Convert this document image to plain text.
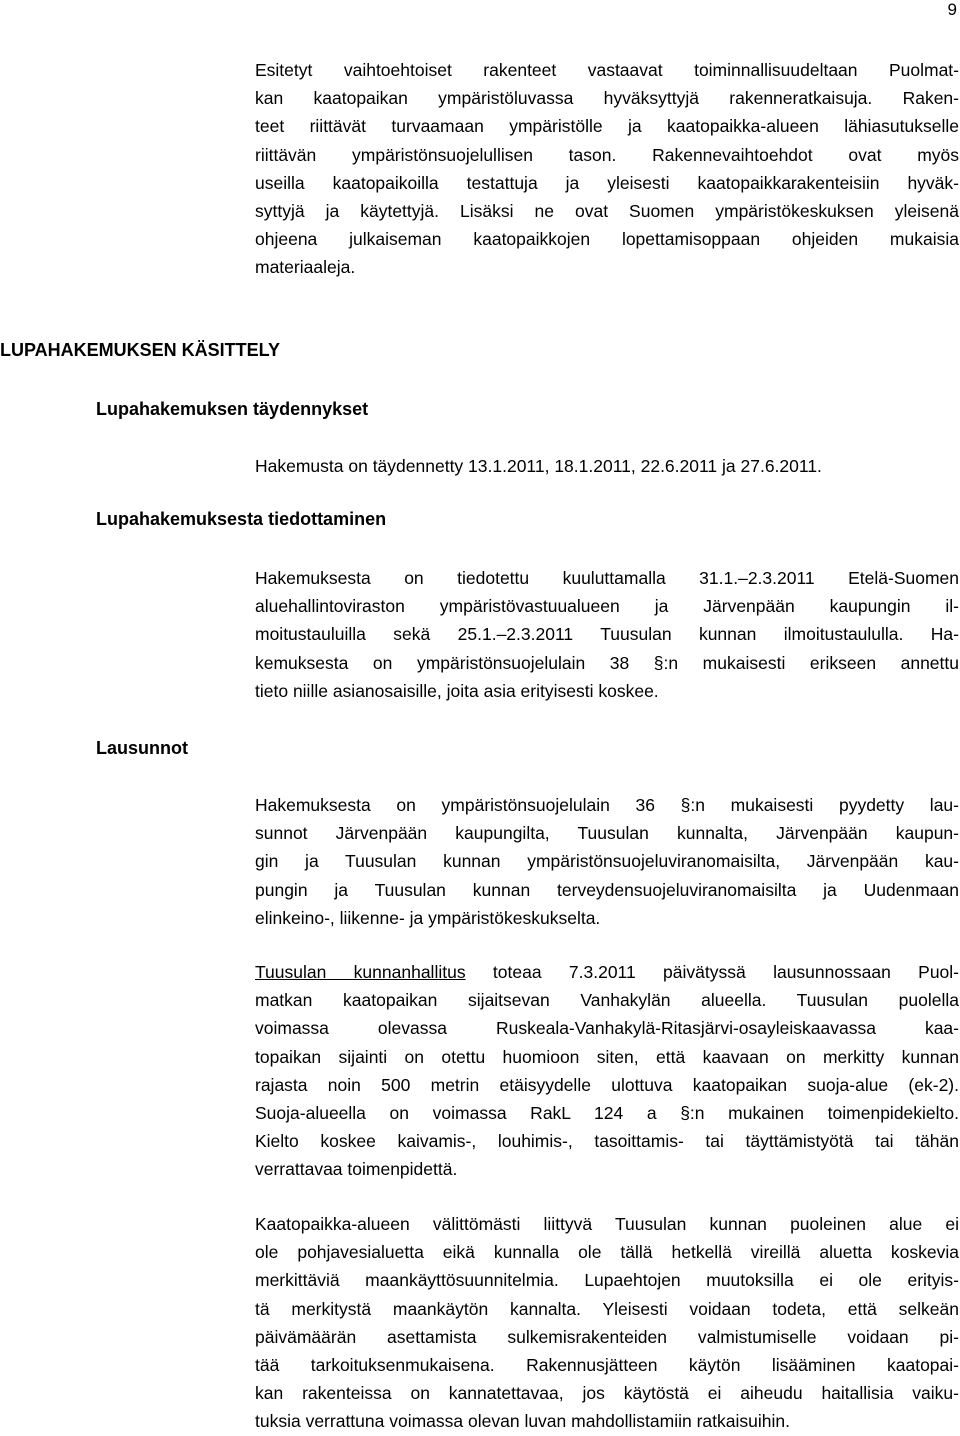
9

Esitetyt vaihtoehtoiset rakenteet vastaavat toiminnallisuudeltaan Puolmat-
kan kaatopaikan ympäristöluvassa hyväksyttyjä rakenneratkaisuja. Raken-
teet riittävät turvaamaan ympäristölle ja kaatopaikka-alueen lähiasutukselle
riittävän ympäristönsuojelullisen tason. Rakennevaihtoehdot ovat myös
useilla kaatopaikoilla testattuja ja yleisesti kaatopaikkarakenteisiin hyväk-
syttyjä ja käytettyjä. Lisäksi ne ovat Suomen ympäristökeskuksen yleisenä
ohjeena julkaiseman kaatopaikkojen lopettamisoppaan ohjeiden mukaisia
materiaaleja.

LUPAHAKEMUKSEN KÄSITTELY
Lupahakemuksen täydennykset

Hakemusta on täydennetty 13.1.2011, 18.1.2011, 22.6.2011 ja 27.6.2011.

Lupahakemuksesta tiedottaminen

Hakemuksesta on tiedotettu kuuluttamalla 31.1.–2.3.2011 Etelä-Suomen
aluehallintoviraston ympäristövastuualueen ja Järvenpään kaupungin il-
moitustauluilla sekä 25.1.–2.3.2011 Tuusulan kunnan ilmoitustaululla. Ha-
kemuksesta on ympäristönsuojelulain 38 §:n mukaisesti erikseen annettu
tieto niille asianosaisille, joita asia erityisesti koskee.

Lausunnot

Hakemuksesta on ympäristönsuojelulain 36 §:n mukaisesti pyydetty lau-
sunnot Järvenpään kaupungilta, Tuusulan kunnalta, Järvenpään kaupun-
gin ja Tuusulan kunnan ympäristönsuojeluviranomaisilta, Järvenpään kau-
pungin ja Tuusulan kunnan terveydensuojeluviranomaisilta ja Uudenmaan
elinkeino-, liikenne- ja ympäristökeskukselta.

Tuusulan kunnanhallitus toteaa 7.3.2011 päivätyssä lausunnossaan Puol-
matkan kaatopaikan sijaitsevan Vanhakylän alueella. Tuusulan puolella
voimassa olevassa Ruskeala-Vanhakylä-Ritasjärvi-osayleiskaavassa kaa-
topaikan sijainti on otettu huomioon siten, että kaavaan on merkitty kunnan
rajasta noin 500 metrin etäisyydelle ulottuva kaatopaikan suoja-alue (ek-2).
Suoja-alueella on voimassa RakL 124 a §:n mukainen toimenpidekielto.
Kielto koskee kaivamis-, louhimis-, tasoittamis- tai täyttämistyötä tai tähän
verrattavaa toimenpidettä.

Kaatopaikka-alueen välittömästi liittyvä Tuusulan kunnan puoleinen alue ei
ole pohjavesialuetta eikä kunnalla ole tällä hetkellä vireillä aluetta koskevia
merkittäviä maankäyttösuunnitelmia. Lupaehtojen muutoksilla ei ole erityis-
tä merkitystä maankäytön kannalta. Yleisesti voidaan todeta, että selkeän
päivämäärän asettamista sulkemisrakenteiden valmistumiselle voidaan pi-
tää tarkoituksenmukaisena. Rakennusjätteen käytön lisääminen kaatopai-
kan rakenteissa on kannatettavaa, jos käytöstä ei aiheudu haitallisia vaiku-
tuksia verrattuna voimassa olevan luvan mahdollistamiin ratkaisuihin.
